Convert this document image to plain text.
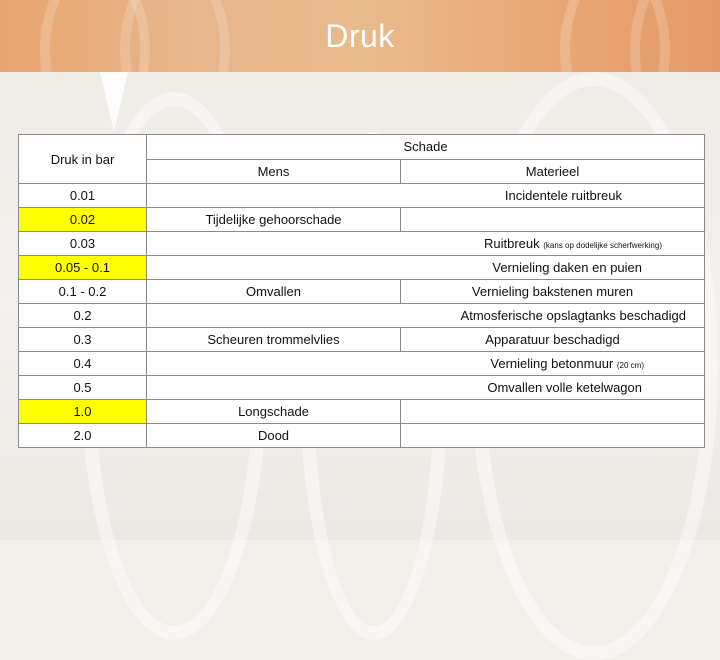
Druk
Druk in bar	Schade	
	Mens	Materieel
0.01	Incidentele ruitbreuk	
0.02	Tijdelijke gehoorschade	
0.03	Ruitbreuk (kans op dodelijke scherfwerking)	
0.05 - 0.1	Vernieling daken en puien	
0.1 - 0.2	Omvallen	Vernieling bakstenen muren
0.2	Atmosferische opslagtanks beschadigd	
0.3	Scheuren trommelvlies	Apparatuur beschadigd
0.4	Vernieling betonmuur (20 cm)	
0.5	Omvallen volle ketelwagon	
1.0	Longschade	
2.0	Dood	
